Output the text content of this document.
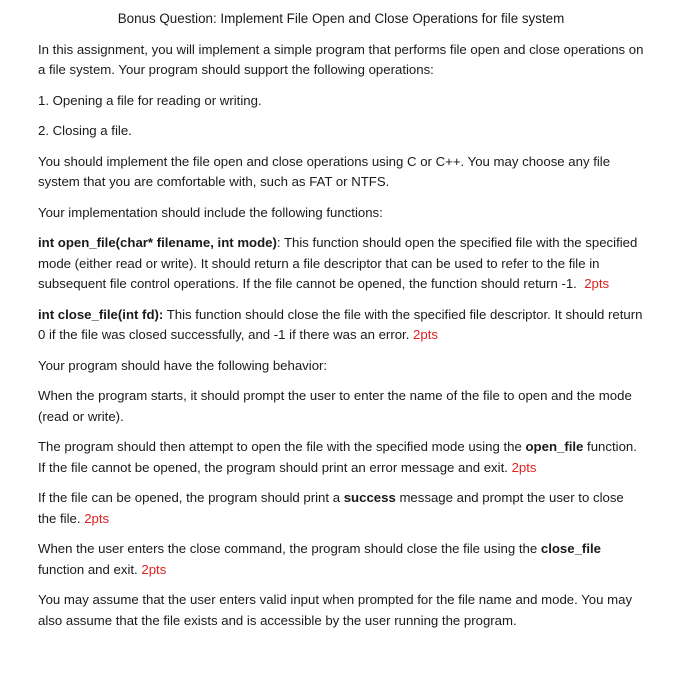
Bonus Question: Implement File Open and Close Operations for file system

In this assignment, you will implement a simple program that performs file open and close operations on a file system. Your program should support the following operations:

1. Opening a file for reading or writing.

2. Closing a file.

You should implement the file open and close operations using C or C++. You may choose any file system that you are comfortable with, such as FAT or NTFS.

Your implementation should include the following functions:

int open_file(char* filename, int mode): This function should open the specified file with the specified mode (either read or write). It should return a file descriptor that can be used to refer to the file in subsequent file control operations. If the file cannot be opened, the function should return -1. 2pts

int close_file(int fd): This function should close the file with the specified file descriptor. It should return 0 if the file was closed successfully, and -1 if there was an error. 2pts

Your program should have the following behavior:

When the program starts, it should prompt the user to enter the name of the file to open and the mode (read or write).

The program should then attempt to open the file with the specified mode using the open_file function. If the file cannot be opened, the program should print an error message and exit. 2pts

If the file can be opened, the program should print a success message and prompt the user to close the file. 2pts

When the user enters the close command, the program should close the file using the close_file function and exit. 2pts

You may assume that the user enters valid input when prompted for the file name and mode. You may also assume that the file exists and is accessible by the user running the program.
